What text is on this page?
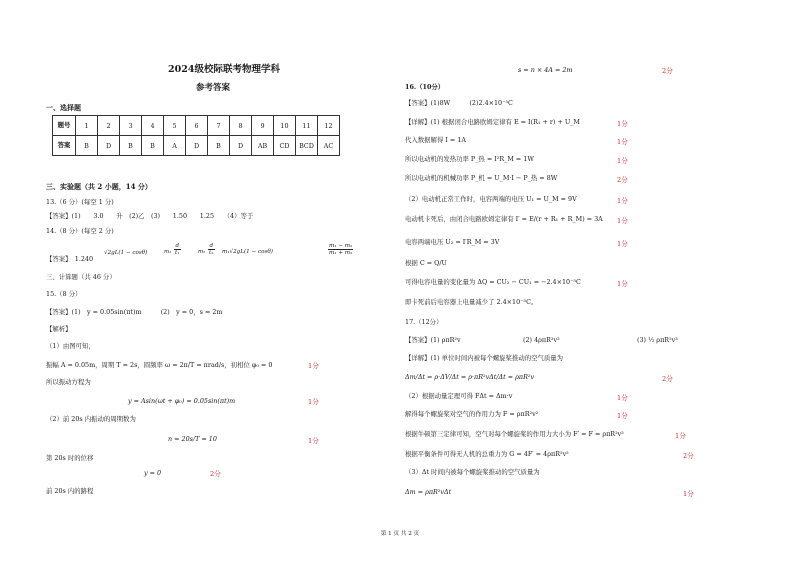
2024级校际联考物理学科
参考答案
一、选择题
题号	1	2	3	4	5	6	7	8	9	10	11	12
答案	B	D	B	B	A	D	B	D	AB	CD	BCD	AC
三、实验题（共 2 小题，14 分）
13.（6 分）(每空 1 分)
【答案】(1)　　3.0　　升　(2)乙　(3)　　1.50　　1.25　　（4）等于
14.（8 分）(每空 2 分)
【答案】　1.240
√2gL(1 − cosθ)	$m_1 \frac{d}{\text{t₁}}$	$m_2 \frac{d}{\text{t₂}} m_1√2gL(1 - \cos\theta)$	$\frac{\text{m₁ − m₂}}{\text{m₁ + m₂}}$
三、计算题（共 46 分）
15.（8 分）
【答案】(1)　y = 0.05sin(πt)m　　　(2)　y = 0，s = 2m
【解析】
（1）由图可知，
振幅 A = 0.05m，周期 T = 2s，圆频率 ω = 2π/T = πrad/s，初相位 φ₀ = 0	1分
所以振动方程为
y = Asin(ωt + φ₀) = 0.05sin(πt)m	1分
（2）前 20s 内振动的周期数为
n = 20s/T = 10	1分
第 20s 时的位移
y = 0	2分
前 20s 内的路程
s = n × 4A = 2m	2分
16.（10分）
【答案】(1)8W　　　(2)2.4×10⁻⁵C
【详解】(1) 根据闭合电路欧姆定律有 E = I(R₁ + r) + U_M	1分
代入数据解得 I = 1A	1分
所以电动机的发热功率 P_热 = I²R_M = 1W	1分
所以电动机的机械功率 P_机 = U_M·I − P_热 = 8W	2分
（2）电动机正常工作时，电容两端的电压 U₁ = U_M = 9V	1分
电动机卡死后，由闭合电路欧姆定律有 I′ = E/(r + R₁ + R_M) = 3A 1分
电容两端电压 U₂ = I′R_M = 3V	1分
根据 C = Q/U
可得电容电量的变化量为 ΔQ = CU₂ − CU₁ = −2.4×10⁻⁵C	1分
即卡死前后电容器上电量减少了 2.4×10⁻⁵C。
17.（12分）
【答案】(1) ρπR²v	(2) 4ρπR²v²	(3) ½ ρπR²v³
【详解】(1) 单位时间内被每个螺旋桨推动的空气质量为
Δm/Δt = ρ·ΔV/Δt = ρ·πR²vΔt/Δt = ρπR²v	2分
（2）根据动量定理可得 FΔt = Δm·v	1分
解得每个螺旋桨对空气的作用力为 F = ρπR²v²	1分
根据牛顿第三定律可知，空气对每个螺旋桨的作用力大小为 F′ = F = ρπR²v²	1分
根据平衡条件可得无人机的总重力为 G = 4F′ = 4ρπR²v²	2分
（3）Δt 时间内被每个螺旋桨推动的空气质量为
Δm = ρπR²vΔt	1分
第 1 页 共 2 页
